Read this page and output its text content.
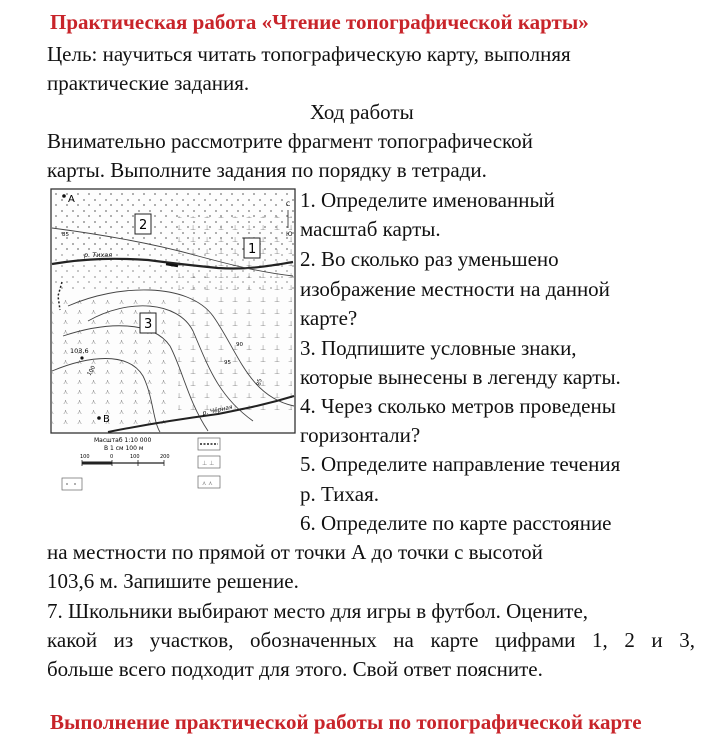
Практическая работа «Чтение топографической карты»
Цель: научиться читать топографическую карту, выполняя
практические задания.
Ход работы
Внимательно рассмотрите фрагмент топографической
карты. Выполните задания по порядку в тетради.
103,6
А
В
2
1
3
С
Ю
р. Тихая
р. Чёрная
85
85
100
95
90
Масштаб 1:10 000
В 1 см 100 м
100	0	100	200
⊥ ⊥
⋏ ⋏
1. Определите именованный
масштаб карты.
2. Во сколько раз уменьшено
изображение местности на данной
карте?
3. Подпишите условные знаки,
которые вынесены в легенду карты.
4. Через сколько метров проведены
горизонтали?
5. Определите направление течения
р. Тихая.
6. Определите по карте расстояние
на местности по прямой от точки А до точки с высотой
103,6 м. Запишите решение.
7. Школьники выбирают место для игры в футбол. Оцените,
какой из участков, обозначенных на карте цифрами 1, 2 и 3,
больше всего подходит для этого. Свой ответ поясните.
Выполнение практической работы по топографической карте
